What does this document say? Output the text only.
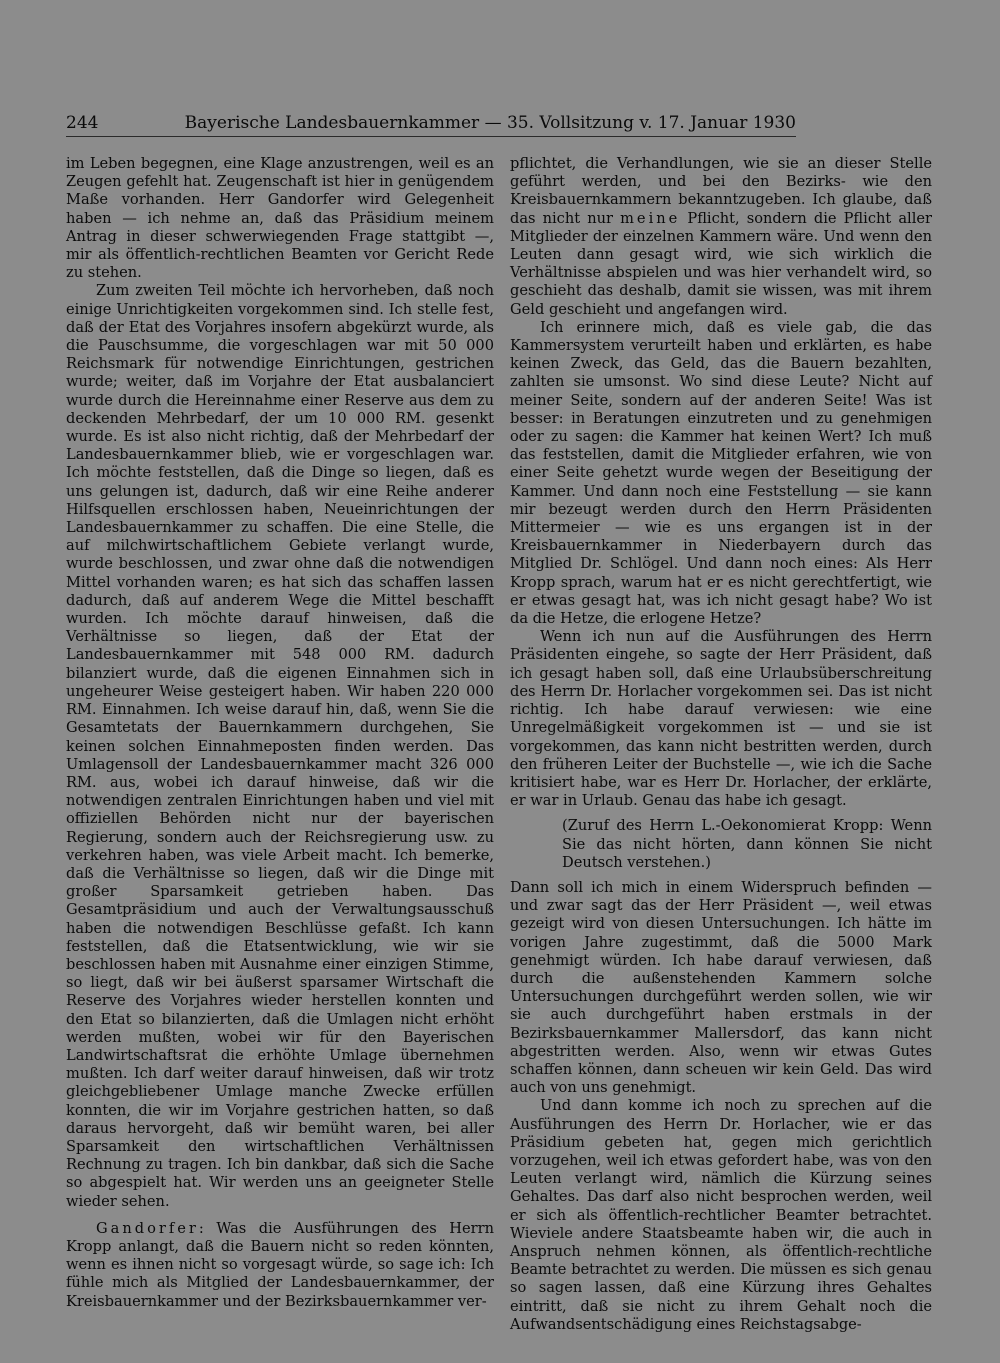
244	Bayerische Landesbauernkammer — 35. Vollsitzung v. 17. Januar 1930

im Leben begegnen, eine Klage anzustrengen, weil es an Zeugen gefehlt hat. Zeugenschaft ist hier in genügendem Maße vorhanden. Herr Gandorfer wird Gelegenheit haben — ich nehme an, daß das Präsidium meinem Antrag in dieser schwerwiegenden Frage stattgibt —, mir als öffentlich-rechtlichen Beamten vor Gericht Rede zu stehen.

Zum zweiten Teil möchte ich hervorheben, daß noch einige Unrichtigkeiten vorgekommen sind. Ich stelle fest, daß der Etat des Vorjahres insofern abgekürzt wurde, als die Pauschsumme, die vorgeschlagen war mit 50 000 Reichsmark für notwendige Einrichtungen, gestrichen wurde; weiter, daß im Vorjahre der Etat ausbalanciert wurde durch die Hereinnahme einer Reserve aus dem zu deckenden Mehrbedarf, der um 10 000 RM. gesenkt wurde. Es ist also nicht richtig, daß der Mehrbedarf der Landesbauernkammer blieb, wie er vorgeschlagen war. Ich möchte feststellen, daß die Dinge so liegen, daß es uns gelungen ist, dadurch, daß wir eine Reihe anderer Hilfsquellen erschlossen haben, Neueinrichtungen der Landesbauernkammer zu schaffen. Die eine Stelle, die auf milchwirtschaftlichem Gebiete verlangt wurde, wurde beschlossen, und zwar ohne daß die notwendigen Mittel vorhanden waren; es hat sich das schaffen lassen dadurch, daß auf anderem Wege die Mittel beschafft wurden. Ich möchte darauf hinweisen, daß die Verhältnisse so liegen, daß der Etat der Landesbauernkammer mit 548 000 RM. dadurch bilanziert wurde, daß die eigenen Einnahmen sich in ungeheurer Weise gesteigert haben. Wir haben 220 000 RM. Einnahmen. Ich weise darauf hin, daß, wenn Sie die Gesamtetats der Bauernkammern durchgehen, Sie keinen solchen Einnahmeposten finden werden. Das Umlagensoll der Landesbauernkammer macht 326 000 RM. aus, wobei ich darauf hinweise, daß wir die notwendigen zentralen Einrichtungen haben und viel mit offiziellen Behörden nicht nur der bayerischen Regierung, sondern auch der Reichsregierung usw. zu verkehren haben, was viele Arbeit macht. Ich bemerke, daß die Verhältnisse so liegen, daß wir die Dinge mit großer Sparsamkeit getrieben haben. Das Gesamtpräsidium und auch der Verwaltungsausschuß haben die notwendigen Beschlüsse gefaßt. Ich kann feststellen, daß die Etatsentwicklung, wie wir sie beschlossen haben mit Ausnahme einer einzigen Stimme, so liegt, daß wir bei äußerst sparsamer Wirtschaft die Reserve des Vorjahres wieder herstellen konnten und den Etat so bilanzierten, daß die Umlagen nicht erhöht werden mußten, wobei wir für den Bayerischen Landwirtschaftsrat die erhöhte Umlage übernehmen mußten. Ich darf weiter darauf hinweisen, daß wir trotz gleichgebliebener Umlage manche Zwecke erfüllen konnten, die wir im Vorjahre gestrichen hatten, so daß daraus hervorgeht, daß wir bemüht waren, bei aller Sparsamkeit den wirtschaftlichen Verhältnissen Rechnung zu tragen. Ich bin dankbar, daß sich die Sache so abgespielt hat. Wir werden uns an geeigneter Stelle wieder sehen.

Gandorfer: Was die Ausführungen des Herrn Kropp anlangt, daß die Bauern nicht so reden könnten, wenn es ihnen nicht so vorgesagt würde, so sage ich: Ich fühle mich als Mitglied der Landesbauernkammer, der Kreisbauernkammer und der Bezirksbauernkammer ver-

pflichtet, die Verhandlungen, wie sie an dieser Stelle geführt werden, und bei den Bezirks- wie den Kreisbauernkammern bekanntzugeben. Ich glaube, daß das nicht nur meine Pflicht, sondern die Pflicht aller Mitglieder der einzelnen Kammern wäre. Und wenn den Leuten dann gesagt wird, wie sich wirklich die Verhältnisse abspielen und was hier verhandelt wird, so geschieht das deshalb, damit sie wissen, was mit ihrem Geld geschieht und angefangen wird.

Ich erinnere mich, daß es viele gab, die das Kammersystem verurteilt haben und erklärten, es habe keinen Zweck, das Geld, das die Bauern bezahlten, zahlten sie umsonst. Wo sind diese Leute? Nicht auf meiner Seite, sondern auf der anderen Seite! Was ist besser: in Beratungen einzutreten und zu genehmigen oder zu sagen: die Kammer hat keinen Wert? Ich muß das feststellen, damit die Mitglieder erfahren, wie von einer Seite gehetzt wurde wegen der Beseitigung der Kammer. Und dann noch eine Feststellung — sie kann mir bezeugt werden durch den Herrn Präsidenten Mittermeier — wie es uns ergangen ist in der Kreisbauernkammer in Niederbayern durch das Mitglied Dr. Schlögel. Und dann noch eines: Als Herr Kropp sprach, warum hat er es nicht gerechtfertigt, wie er etwas gesagt hat, was ich nicht gesagt habe? Wo ist da die Hetze, die erlogene Hetze?

Wenn ich nun auf die Ausführungen des Herrn Präsidenten eingehe, so sagte der Herr Präsident, daß ich gesagt haben soll, daß eine Urlaubsüberschreitung des Herrn Dr. Horlacher vorgekommen sei. Das ist nicht richtig. Ich habe darauf verwiesen: wie eine Unregelmäßigkeit vorgekommen ist — und sie ist vorgekommen, das kann nicht bestritten werden, durch den früheren Leiter der Buchstelle —, wie ich die Sache kritisiert habe, war es Herr Dr. Horlacher, der erklärte, er war in Urlaub. Genau das habe ich gesagt.

(Zuruf des Herrn L.-Oekonomierat Kropp: Wenn Sie das nicht hörten, dann können Sie nicht Deutsch verstehen.)

Dann soll ich mich in einem Widerspruch befinden — und zwar sagt das der Herr Präsident —, weil etwas gezeigt wird von diesen Untersuchungen. Ich hätte im vorigen Jahre zugestimmt, daß die 5000 Mark genehmigt würden. Ich habe darauf verwiesen, daß durch die außenstehenden Kammern solche Untersuchungen durchgeführt werden sollen, wie wir sie auch durchgeführt haben erstmals in der Bezirksbauernkammer Mallersdorf, das kann nicht abgestritten werden. Also, wenn wir etwas Gutes schaffen können, dann scheuen wir kein Geld. Das wird auch von uns genehmigt.

Und dann komme ich noch zu sprechen auf die Ausführungen des Herrn Dr. Horlacher, wie er das Präsidium gebeten hat, gegen mich gerichtlich vorzugehen, weil ich etwas gefordert habe, was von den Leuten verlangt wird, nämlich die Kürzung seines Gehaltes. Das darf also nicht besprochen werden, weil er sich als öffentlich-rechtlicher Beamter betrachtet. Wieviele andere Staatsbeamte haben wir, die auch in Anspruch nehmen können, als öffentlich-rechtliche Beamte betrachtet zu werden. Die müssen es sich genau so sagen lassen, daß eine Kürzung ihres Gehaltes eintritt, daß sie nicht zu ihrem Gehalt noch die Aufwandsentschädigung eines Reichstagsabge-
